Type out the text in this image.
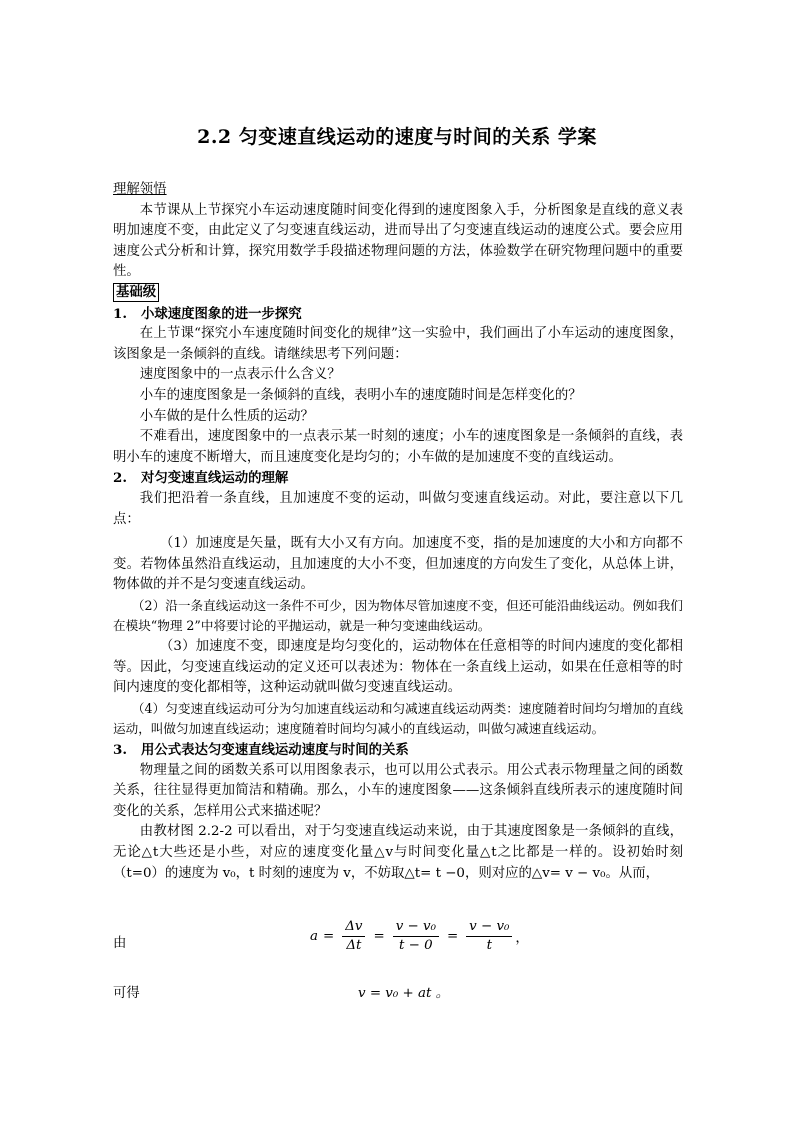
2.2 匀变速直线运动的速度与时间的关系 学案

理解领悟

本节课从上节探究小车运动速度随时间变化得到的速度图象入手，分析图象是直线的意义表明加速度不变，由此定义了匀变速直线运动，进而导出了匀变速直线运动的速度公式。要会应用速度公式分析和计算，探究用数学手段描述物理问题的方法，体验数学在研究物理问题中的重要性。

基础级

1.	小球速度图象的进一步探究

在上节课“探究小车速度随时间变化的规律”这一实验中，我们画出了小车运动的速度图象，该图象是一条倾斜的直线。请继续思考下列问题：

速度图象中的一点表示什么含义？

小车的速度图象是一条倾斜的直线，表明小车的速度随时间是怎样变化的？

小车做的是什么性质的运动？

不难看出，速度图象中的一点表示某一时刻的速度；小车的速度图象是一条倾斜的直线，表明小车的速度不断增大，而且速度变化是均匀的；小车做的是加速度不变的直线运动。

2.	对匀变速直线运动的理解

我们把沿着一条直线，且加速度不变的运动，叫做匀变速直线运动。对此，要注意以下几点：

（1）加速度是矢量，既有大小又有方向。加速度不变，指的是加速度的大小和方向都不变。若物体虽然沿直线运动，且加速度的大小不变，但加速度的方向发生了变化，从总体上讲，物体做的并不是匀变速直线运动。

（2）沿一条直线运动这一条件不可少，因为物体尽管加速度不变，但还可能沿曲线运动。例如我们在模块“物理 2”中将要讨论的平抛运动，就是一种匀变速曲线运动。

（3）加速度不变，即速度是均匀变化的，运动物体在任意相等的时间内速度的变化都相等。因此，匀变速直线运动的定义还可以表述为：物体在一条直线上运动，如果在任意相等的时间内速度的变化都相等，这种运动就叫做匀变速直线运动。

（4）匀变速直线运动可分为匀加速直线运动和匀减速直线运动两类：速度随着时间均匀增加的直线运动，叫做匀加速直线运动；速度随着时间均匀减小的直线运动，叫做匀减速直线运动。

3.	用公式表达匀变速直线运动速度与时间的关系

物理量之间的函数关系可以用图象表示，也可以用公式表示。用公式表示物理量之间的函数关系，往往显得更加简洁和精确。那么，小车的速度图象——这条倾斜直线所表示的速度随时间变化的关系，怎样用公式来描述呢？

由教材图 2.2-2 可以看出，对于匀变速直线运动来说，由于其速度图象是一条倾斜的直线，无论△t大些还是小些，对应的速度变化量△v与时间变化量△t之比都是一样的。设初始时刻（t=0）的速度为 v₀，t 时刻的速度为 v，不妨取△t= t −0，则对应的△v= v − v₀。从而，

由	$a = \frac{\Delta v}{\Delta t} = \frac{\text{v − v₀}}{t - 0} = \frac{\text{v − v₀}}{t}$ ，
可得	v = v₀ + at 。
